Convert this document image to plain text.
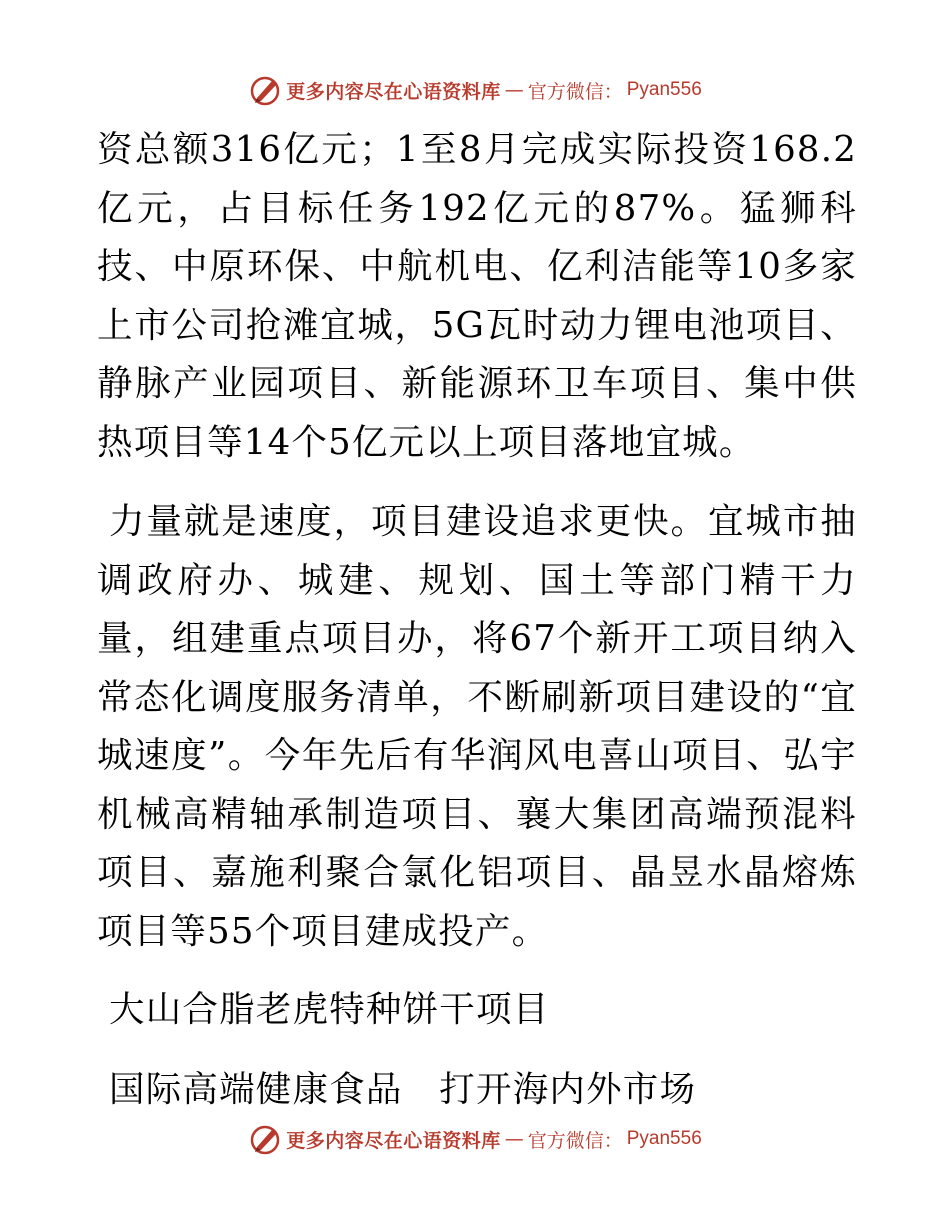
更多内容尽在心语资料库 — 官方微信： Pyan556

资总额316亿元；1至8月完成实际投资168.2亿元，占目标任务192亿元的87%。猛狮科技、中原环保、中航机电、亿利洁能等10多家上市公司抢滩宜城，5G瓦时动力锂电池项目、静脉产业园项目、新能源环卫车项目、集中供热项目等14个5亿元以上项目落地宜城。

力量就是速度，项目建设追求更快。宜城市抽调政府办、城建、规划、国土等部门精干力量，组建重点项目办，将67个新开工项目纳入常态化调度服务清单，不断刷新项目建设的“宜城速度”。今年先后有华润风电喜山项目、弘宇机械高精轴承制造项目、襄大集团高端预混料项目、嘉施利聚合氯化铝项目、晶昱水晶熔炼项目等55个项目建成投产。

大山合脂老虎特种饼干项目

国际高端健康食品　打开海内外市场

更多内容尽在心语资料库 — 官方微信： Pyan556
